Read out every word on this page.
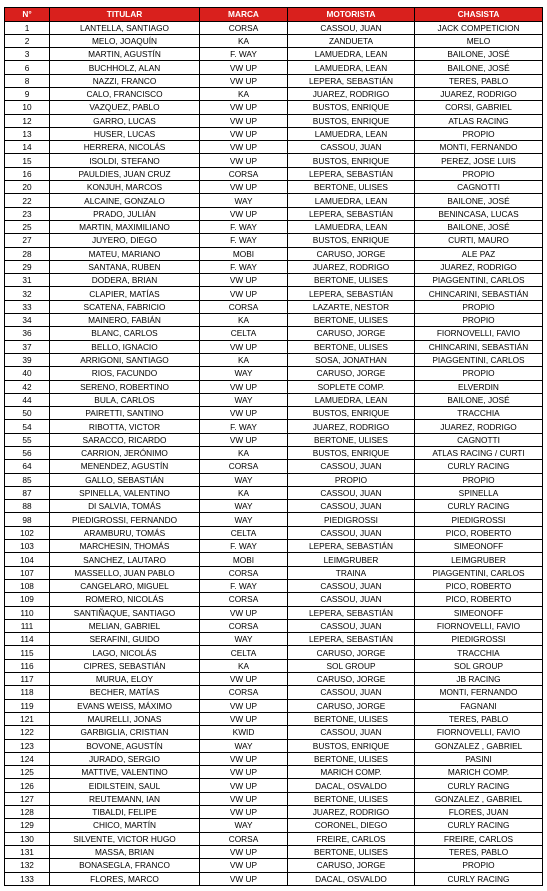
N°	TITULAR	MARCA	MOTORISTA	CHASISTA
1	LANTELLA, SANTIAGO	CORSA	CASSOU, JUAN	JACK COMPETICION
2	MELO, JOAQUÍN	KA	ZANDUETA	MELO
3	MARTIN, AGUSTÍN	F. WAY	LAMUEDRA, LEAN	BAILONE, JOSÉ
6	BUCHHOLZ, ALAN	VW UP	LAMUEDRA, LEAN	BAILONE, JOSÉ
8	NAZZI, FRANCO	VW UP	LEPERA, SEBASTIÁN	TERES, PABLO
9	CALO, FRANCISCO	KA	JUAREZ, RODRIGO	JUAREZ, RODRIGO
10	VAZQUEZ, PABLO	VW UP	BUSTOS, ENRIQUE	CORSI, GABRIEL
12	GARRO, LUCAS	VW UP	BUSTOS, ENRIQUE	ATLAS RACING
13	HUSER, LUCAS	VW UP	LAMUEDRA, LEAN	PROPIO
14	HERRERA, NICOLÁS	VW UP	CASSOU, JUAN	MONTI, FERNANDO
15	ISOLDI, STEFANO	VW UP	BUSTOS, ENRIQUE	PEREZ, JOSE LUIS
16	PAULDIES, JUAN CRUZ	CORSA	LEPERA, SEBASTIÁN	PROPIO
20	KONJUH, MARCOS	VW UP	BERTONE, ULISES	CAGNOTTI
22	ALCAINE, GONZALO	WAY	LAMUEDRA, LEAN	BAILONE, JOSÉ
23	PRADO, JULIÁN	VW UP	LEPERA, SEBASTIÁN	BENINCASA, LUCAS
25	MARTIN, MAXIMILIANO	F. WAY	LAMUEDRA, LEAN	BAILONE, JOSÉ
27	JUYERO, DIEGO	F. WAY	BUSTOS, ENRIQUE	CURTI, MAURO
28	MATEU, MARIANO	MOBI	CARUSO, JORGE	ALE PAZ
29	SANTANA, RUBEN	F. WAY	JUAREZ, RODRIGO	JUAREZ, RODRIGO
31	DODERA, BRIAN	VW UP	BERTONE, ULISES	PIAGGENTINI, CARLOS
32	CLAPIER, MATÍAS	VW UP	LEPERA, SEBASTIÁN	CHINCARINI, SEBASTIÁN
33	SCATENA, FABRICIO	CORSA	LAZARTE, NESTOR	PROPIO
34	MAINERO, FABIÁN	KA	BERTONE, ULISES	PROPIO
36	BLANC, CARLOS	CELTA	CARUSO, JORGE	FIORNOVELLI, FAVIO
37	BELLO, IGNACIO	VW UP	BERTONE, ULISES	CHINCARINI, SEBASTIÁN
39	ARRIGONI, SANTIAGO	KA	SOSA, JONATHAN	PIAGGENTINI, CARLOS
40	RIOS, FACUNDO	WAY	CARUSO, JORGE	PROPIO
42	SERENO, ROBERTINO	VW UP	SOPLETE COMP.	ELVERDIN
44	BULA, CARLOS	WAY	LAMUEDRA, LEAN	BAILONE, JOSÉ
50	PAIRETTI, SANTINO	VW UP	BUSTOS, ENRIQUE	TRACCHIA
54	RIBOTTA, VICTOR	F. WAY	JUAREZ, RODRIGO	JUAREZ, RODRIGO
55	SARACCO, RICARDO	VW UP	BERTONE, ULISES	CAGNOTTI
56	CARRION, JERÓNIMO	KA	BUSTOS, ENRIQUE	ATLAS RACING / CURTI
64	MENENDEZ, AGUSTÍN	CORSA	CASSOU, JUAN	CURLY RACING
85	GALLO, SEBASTIÁN	WAY	PROPIO	PROPIO
87	SPINELLA, VALENTINO	KA	CASSOU, JUAN	SPINELLA
88	DI SALVIA, TOMÁS	WAY	CASSOU, JUAN	CURLY RACING
98	PIEDIGROSSI, FERNANDO	WAY	PIEDIGROSSI	PIEDIGROSSI
102	ARAMBURU, TOMÁS	CELTA	CASSOU, JUAN	PICO, ROBERTO
103	MARCHESIN, THOMÁS	F. WAY	LEPERA, SEBASTIÁN	SIMEONOFF
104	SANCHEZ, LAUTARO	MOBI	LEIMGRUBER	LEIMGRUBER
107	MASSELLO, JUAN PABLO	CORSA	TRAINA	PIAGGENTINI, CARLOS
108	CANGELARO, MIGUEL	F. WAY	CASSOU, JUAN	PICO, ROBERTO
109	ROMERO, NICOLÁS	CORSA	CASSOU, JUAN	PICO, ROBERTO
110	SANTIÑAQUE, SANTIAGO	VW UP	LEPERA, SEBASTIÁN	SIMEONOFF
111	MELIAN, GABRIEL	CORSA	CASSOU, JUAN	FIORNOVELLI, FAVIO
114	SERAFINI, GUIDO	WAY	LEPERA, SEBASTIÁN	PIEDIGROSSI
115	LAGO, NICOLÁS	CELTA	CARUSO, JORGE	TRACCHIA
116	CIPRES, SEBASTIÁN	KA	SOL GROUP	SOL GROUP
117	MURUA, ELOY	VW UP	CARUSO, JORGE	JB RACING
118	BECHER, MATÍAS	CORSA	CASSOU, JUAN	MONTI, FERNANDO
119	EVANS WEISS, MÁXIMO	VW UP	CARUSO, JORGE	FAGNANI
121	MAURELLI, JONAS	VW UP	BERTONE, ULISES	TERES, PABLO
122	GARBIGLIA, CRISTIAN	KWID	CASSOU, JUAN	FIORNOVELLI, FAVIO
123	BOVONE, AGUSTÍN	WAY	BUSTOS, ENRIQUE	GONZALEZ , GABRIEL
124	JURADO, SERGIO	VW UP	BERTONE, ULISES	PASINI
125	MATTIVE, VALENTINO	VW UP	MARICH COMP.	MARICH COMP.
126	EIDILSTEIN, SAUL	VW UP	DACAL, OSVALDO	CURLY RACING
127	REUTEMANN, IAN	VW UP	BERTONE, ULISES	GONZALEZ , GABRIEL
128	TIBALDI, FELIPE	VW UP	JUAREZ, RODRIGO	FLORES, JUAN
129	CHICO, MARTÍN	WAY	CORONEL, DIEGO	CURLY RACING
130	SILVENTE, VICTOR HUGO	CORSA	FREIRE, CARLOS	FREIRE, CARLOS
131	MASSA, BRIAN	VW UP	BERTONE, ULISES	TERES, PABLO
132	BONASEGLA, FRANCO	VW UP	CARUSO, JORGE	PROPIO
133	FLORES, MARCO	VW UP	DACAL, OSVALDO	CURLY RACING
